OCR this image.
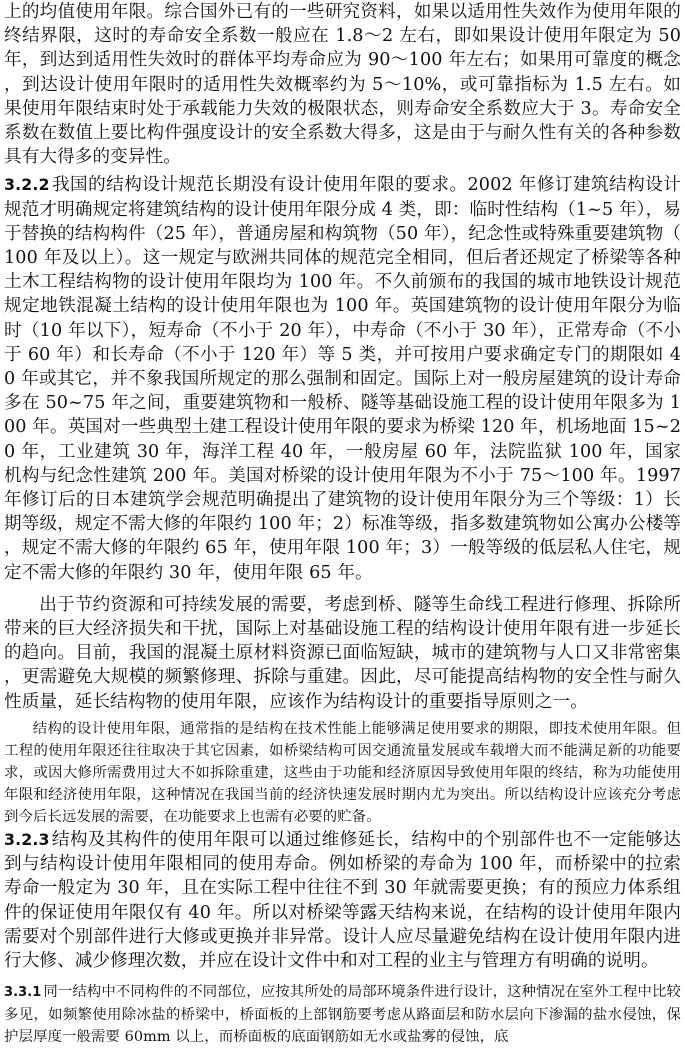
上的均值使用年限。综合国外已有的一些研究资料，如果以适用性失效作为使用年限的终结界限，这时的寿命安全系数一般应在 1.8～2 左右，即如果设计使用年限定为 50 年，到达到适用性失效时的群体平均寿命应为 90～100 年左右；如果用可靠度的概念，到达设计使用年限时的适用性失效概率约为 5～10%，或可靠指标为 1.5 左右。如果使用年限结束时处于承载能力失效的极限状态，则寿命安全系数应大于 3。寿命安全系数在数值上要比构件强度设计的安全系数大得多，这是由于与耐久性有关的各种参数具有大得多的变异性。

3.2.2 我国的结构设计规范长期没有设计使用年限的要求。2002 年修订建筑结构设计规范才明确规定将建筑结构的设计使用年限分成 4 类，即：临时性结构（1~5 年），易于替换的结构构件（25 年），普通房屋和构筑物（50 年），纪念性或特殊重要建筑物（100 年及以上）。这一规定与欧洲共同体的规范完全相同，但后者还规定了桥梁等各种土木工程结构物的设计使用年限均为 100 年。不久前颁布的我国的城市地铁设计规范规定地铁混凝土结构的设计使用年限也为 100 年。英国建筑物的设计使用年限分为临时（10 年以下），短寿命（不小于 20 年），中寿命（不小于 30 年），正常寿命（不小于 60 年）和长寿命（不小于 120 年）等 5 类，并可按用户要求确定专门的期限如 40 年或其它，并不象我国所规定的那么强制和固定。国际上对一般房屋建筑的设计寿命多在 50~75 年之间，重要建筑物和一般桥、隧等基础设施工程的设计使用年限多为 100 年。英国对一些典型土建工程设计使用年限的要求为桥梁 120 年，机场地面 15~20 年，工业建筑 30 年，海洋工程 40 年，一般房屋 60 年，法院监狱 100 年，国家机构与纪念性建筑 200 年。美国对桥梁的设计使用年限为不小于 75～100 年。1997 年修订后的日本建筑学会规范明确提出了建筑物的设计使用年限分为三个等级：1）长期等级，规定不需大修的年限约 100 年；2）标准等级，指多数建筑物如公寓办公楼等，规定不需大修的年限约 65 年，使用年限 100 年；3）一般等级的低层私人住宅，规定不需大修的年限约 30 年，使用年限 65 年。

出于节约资源和可持续发展的需要，考虑到桥、隧等生命线工程进行修理、拆除所带来的巨大经济损失和干扰，国际上对基础设施工程的结构设计使用年限有进一步延长的趋向。目前，我国的混凝土原材料资源已面临短缺，城市的建筑物与人口又非常密集，更需避免大规模的频繁修理、拆除与重建。因此，尽可能提高结构物的安全性与耐久性质量，延长结构物的使用年限，应该作为结构设计的重要指导原则之一。

结构的设计使用年限，通常指的是结构在技术性能上能够满足使用要求的期限，即技术使用年限。但工程的使用年限还往往取决于其它因素，如桥梁结构可因交通流量发展或车载增大而不能满足新的功能要求，或因大修所需费用过大不如拆除重建，这些由于功能和经济原因导致使用年限的终结，称为功能使用年限和经济使用年限，这种情况在我国当前的经济快速发展时期内尤为突出。所以结构设计应该充分考虑到今后长远发展的需要，在功能要求上也需有必要的贮备。

3.2.3 结构及其构件的使用年限可以通过维修延长，结构中的个别部件也不一定能够达到与结构设计使用年限相同的使用寿命。例如桥梁的寿命为 100 年，而桥梁中的拉索寿命一般定为 30 年，且在实际工程中往往不到 30 年就需要更换；有的预应力体系组件的保证使用年限仅有 40 年。所以对桥梁等露天结构来说，在结构的设计使用年限内需要对个别部件进行大修或更换并非异常。设计人应尽量避免结构在设计使用年限内进行大修、减少修理次数，并应在设计文件中和对工程的业主与管理方有明确的说明。

3.3.1 同一结构中不同构件的不同部位，应按其所处的局部环境条件进行设计，这种情况在室外工程中比较多见，如频繁使用除冰盐的桥梁中，桥面板的上部钢筋要考虑从路面层和防水层向下渗漏的盐水侵蚀，保护层厚度一般需要 60mm 以上，而桥面板的底面钢筋如无水或盐雾的侵蚀，底
